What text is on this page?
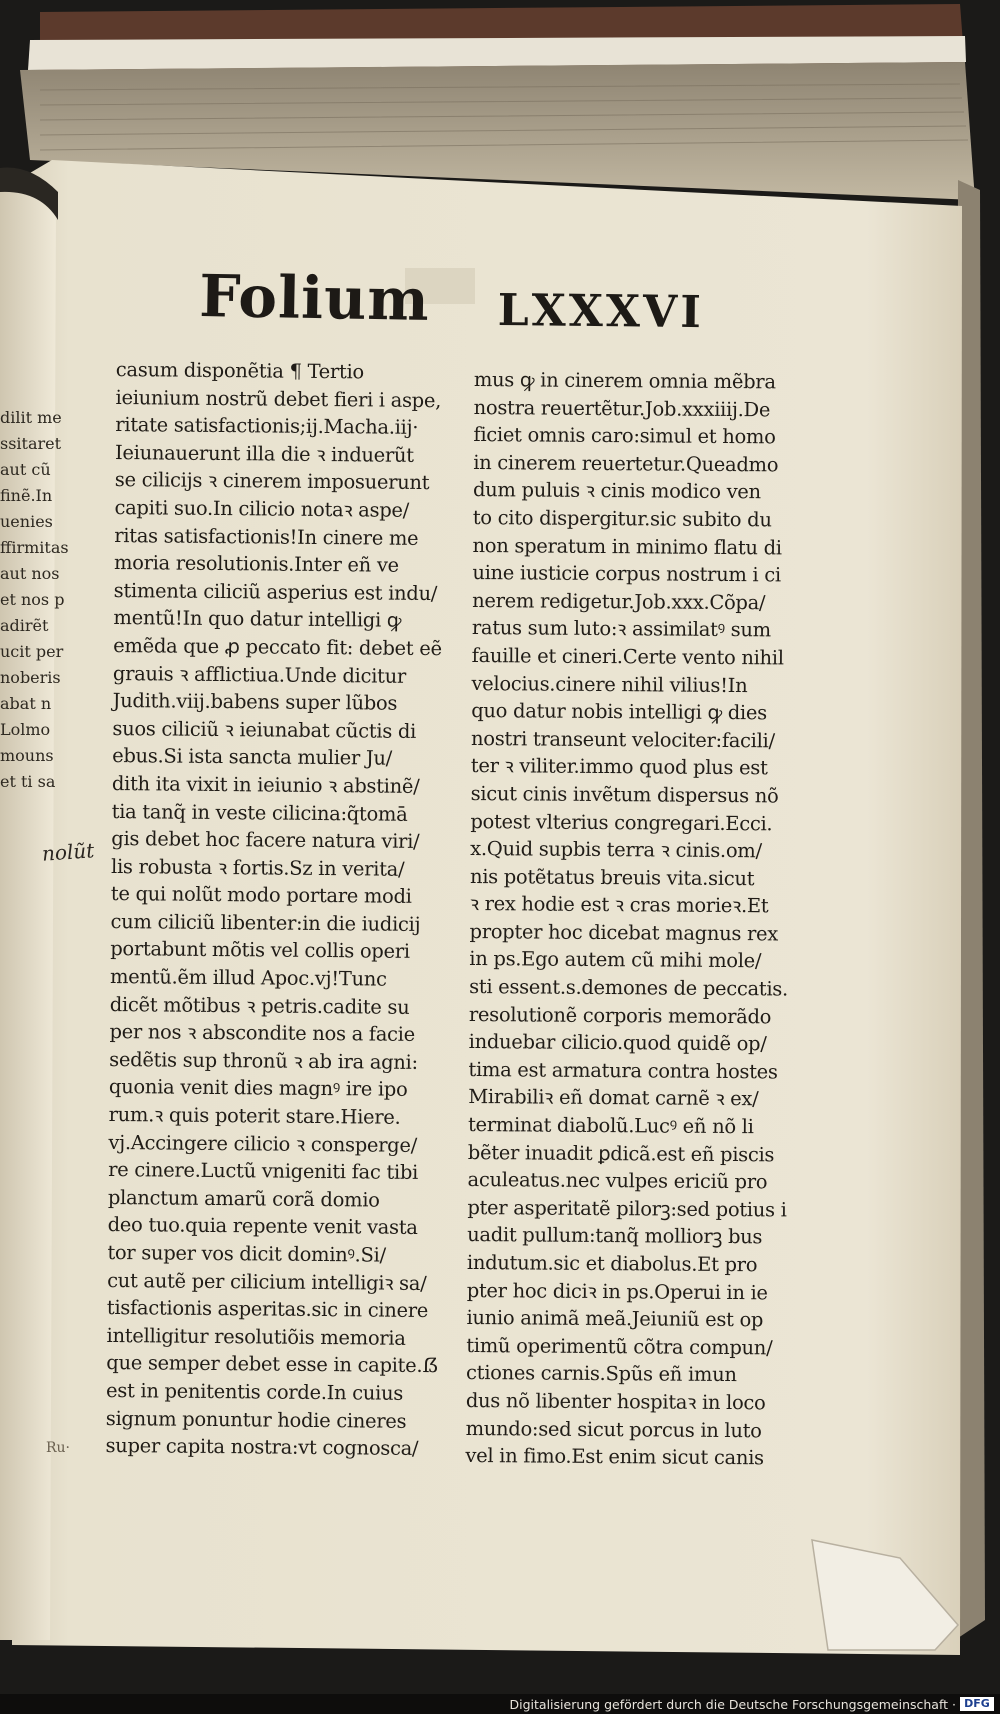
Ru·
Folium LXXXVI
dilit me
ssitaret
aut cũ
finẽ.In
uenies
ffirmitas
aut nos
et nos p
adirẽt
ucit per
noberis
abat n
Lolmo
mouns
et ti sa
casum disponẽtia ¶ Tertio
ieiunium nostrũ debet fieri i aspe,
ritate satisfactionis;ij.Macha.iij·
Ieiunauerunt illa die ꝛ induerũt
se cilicijs ꝛ cinerem imposuerunt
capiti suo.In cilicio notaꝛ aspe/
ritas satisfactionis!In cinere me
moria resolutionis.Inter eñ ve
stimenta ciliciũ asperius est indu/
mentũ!In quo datur intelligi ꝙ
emẽda que ꝓ peccato fit: debet eẽ
grauis ꝛ afflictiua.Unde dicitur
Judith.viij.babens super lũbos
suos ciliciũ ꝛ ieiunabat cũctis di
ebus.Si ista sancta mulier Ju/
dith ita vixit in ieiunio ꝛ abstinẽ/
tia tanq̃ in veste cilicina:q̃tomā
gis debet hoc facere natura viri/
lis robusta ꝛ fortis.Sz in verita/
te qui nolũt modo portare modi
cum ciliciũ libenter:in die iudicij
portabunt mõtis vel collis operi
mentũ.ẽm illud Apoc.vj!Tunc
dicẽt mõtibus ꝛ petris.cadite su
per nos ꝛ abscondite nos a facie
sedẽtis sup thronũ ꝛ ab ira agni:
quonia venit dies magnꝰ ire ipo
rum.ꝛ quis poterit stare.Hiere.
vj.Accingere cilicio ꝛ consperge/
re cinere.Luctũ vnigeniti fac tibi
planctum amarũ corã domio
deo tuo.quia repente venit vasta
tor super vos dicit dominꝰ.Si/
cut autẽ per cilicium intelligiꝛ sa/
tisfactionis asperitas.sic in cinere
intelligitur resolutiõis memoria
que semper debet esse in capite.ẞ
est in penitentis corde.In cuius
signum ponuntur hodie cineres
super capita nostra:vt cognosca/
mus ꝙ in cinerem omnia mẽbra
nostra reuertẽtur.Job.xxxiiij.De
ficiet omnis caro:simul et homo
in cinerem reuertetur.Queadmo
dum puluis ꝛ cinis modico ven
to cito dispergitur.sic subito du
non speratum in minimo flatu di
uine iusticie corpus nostrum i ci
nerem redigetur.Job.xxx.Cõpa/
ratus sum luto:ꝛ assimilatꝰ sum
fauille et cineri.Certe vento nihil
velocius.cinere nihil vilius!In
quo datur nobis intelligi ꝙ dies
nostri transeunt velociter:facili/
ter ꝛ viliter.immo quod plus est
sicut cinis invẽtum dispersus nõ
potest vlterius congregari.Ecci.
x.Quid supbis terra ꝛ cinis.om/
nis potẽtatus breuis vita.sicut
ꝛ rex hodie est ꝛ cras morieꝛ.Et
propter hoc dicebat magnus rex
in ps.Ego autem cũ mihi mole/
sti essent.s.demones de peccatis.
resolutionẽ corporis memorãdo
induebar cilicio.quod quidẽ op/
tima est armatura contra hostes
Mirabiliꝛ eñ domat carnẽ ꝛ ex/
terminat diabolũ.Lucꝰ eñ nõ li
bẽter inuadit ꝑdicã.est eñ piscis
aculeatus.nec vulpes ericiũ pro
pter asperitatẽ pilorꝫ:sed potius i
uadit pullum:tanq̃ molliorꝫ bus
indutum.sic et diabolus.Et pro
pter hoc diciꝛ in ps.Operui in ie
iunio animã meã.Jeiuniũ est op
timũ operimentũ cõtra compun/
ctiones carnis.Spũs eñ imun
dus nõ libenter hospitaꝛ in loco
mundo:sed sicut porcus in luto
vel in fimo.Est enim sicut canis
nolũt
Digitalisierung gefördert durch die Deutsche Forschungsgemeinschaft · DFG
